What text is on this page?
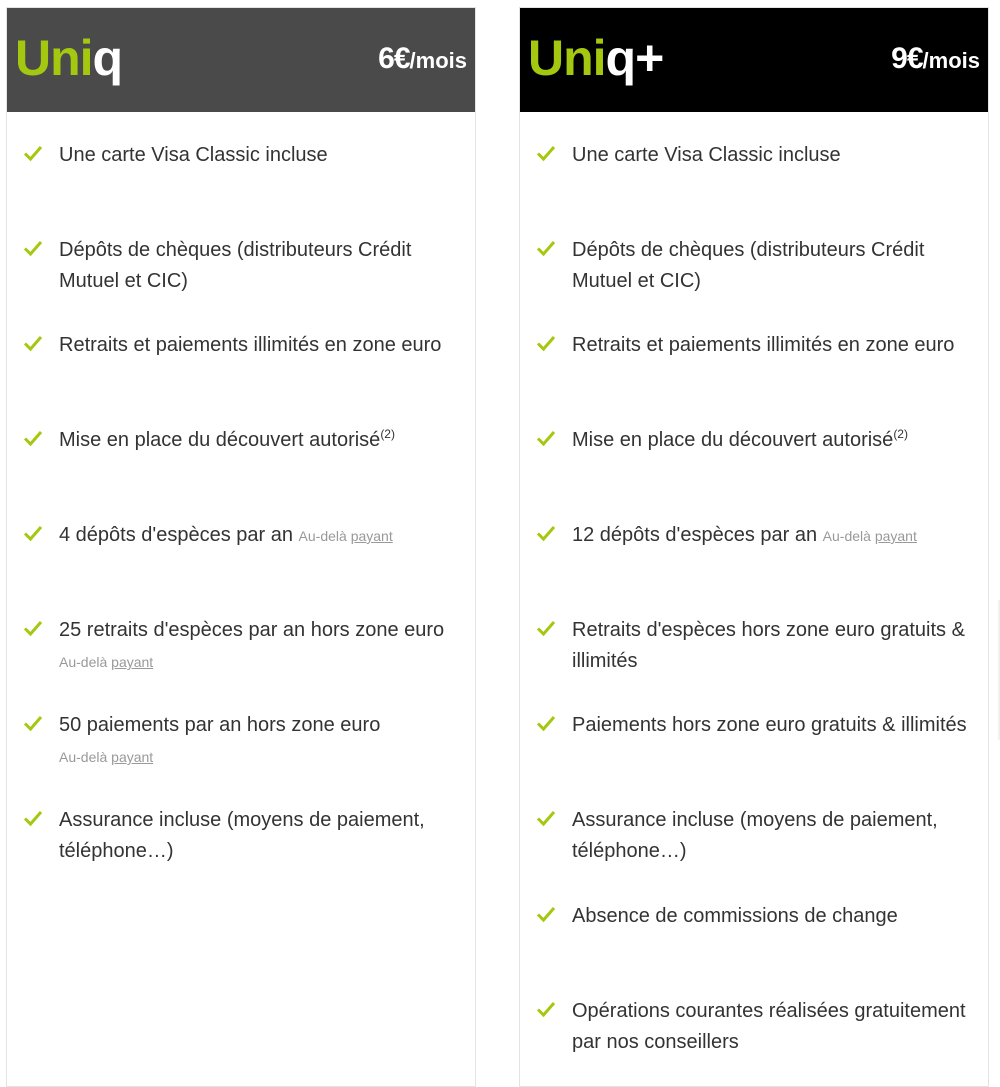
Uniq	6€/mois
Une carte Visa Classic incluse
Dépôts de chèques (distributeurs Crédit Mutuel et CIC)
Retraits et paiements illimités en zone euro
Mise en place du découvert autorisé$^{(2)}$
4 dépôts d'espèces par an Au-delà payant
25 retraits d'espèces par an hors zone euro Au-delà payant
50 paiements par an hors zone euro
Au-delà payant
Assurance incluse (moyens de paiement, téléphone…)
Uniq+	9€/mois
Une carte Visa Classic incluse
Dépôts de chèques (distributeurs Crédit Mutuel et CIC)
Retraits et paiements illimités en zone euro
Mise en place du découvert autorisé$^{(2)}$
12 dépôts d'espèces par an Au-delà payant
Retraits d'espèces hors zone euro gratuits & illimités
Paiements hors zone euro gratuits & illimités
Assurance incluse (moyens de paiement, téléphone…)
Absence de commissions de change
Opérations courantes réalisées gratuitement par nos conseillers
